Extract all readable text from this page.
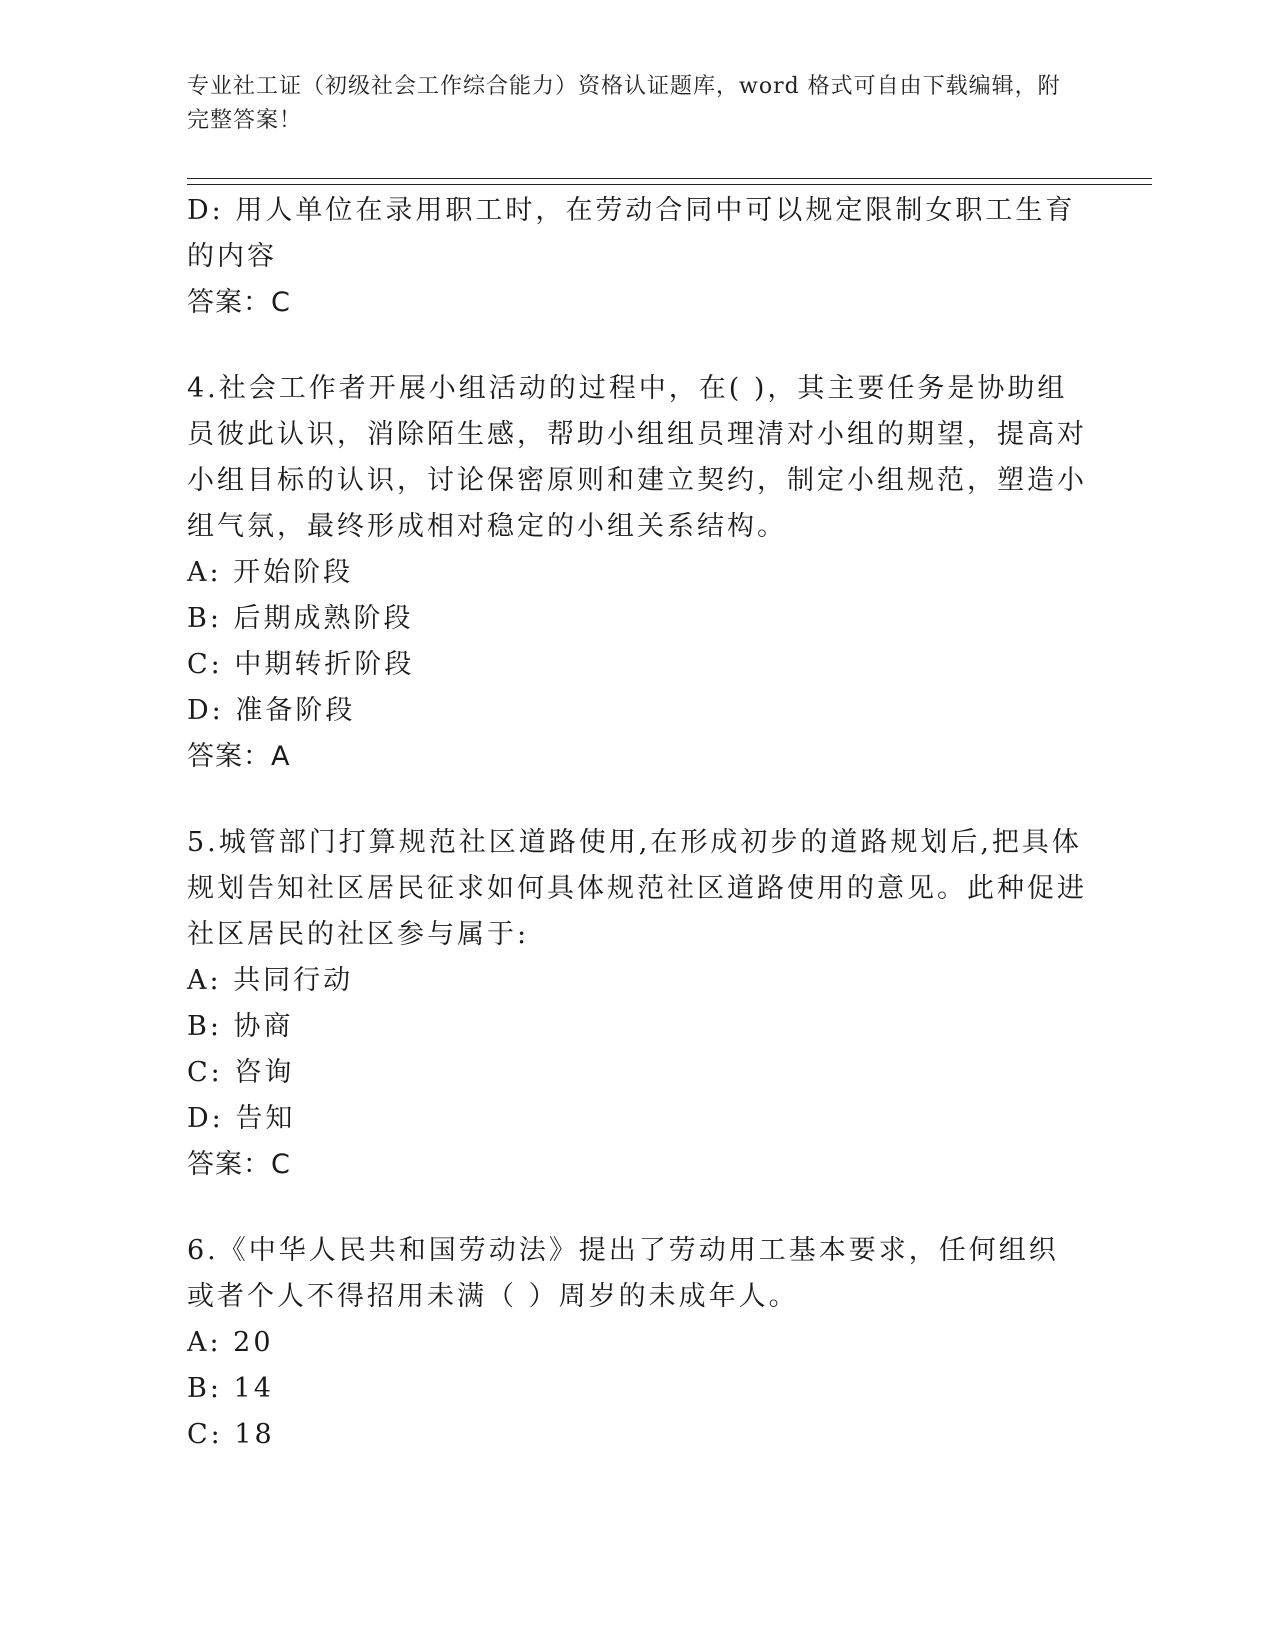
专业社工证（初级社会工作综合能力）资格认证题库，word 格式可自由下载编辑，附完整答案！

D: 用人单位在录用职工时，在劳动合同中可以规定限制女职工生育的内容

答案：C

4.社会工作者开展小组活动的过程中，在( )，其主要任务是协助组员彼此认识，消除陌生感，帮助小组组员理清对小组的期望，提高对小组目标的认识，讨论保密原则和建立契约，制定小组规范，塑造小组气氛，最终形成相对稳定的小组关系结构。

A: 开始阶段

B: 后期成熟阶段

C: 中期转折阶段

D: 准备阶段

答案：A

5.城管部门打算规范社区道路使用,在形成初步的道路规划后,把具体规划告知社区居民征求如何具体规范社区道路使用的意见。此种促进社区居民的社区参与属于:

A: 共同行动

B: 协商

C: 咨询

D: 告知

答案：C

6.《中华人民共和国劳动法》提出了劳动用工基本要求，任何组织或者个人不得招用未满（ ）周岁的未成年人。

A: 20

B: 14

C: 18
